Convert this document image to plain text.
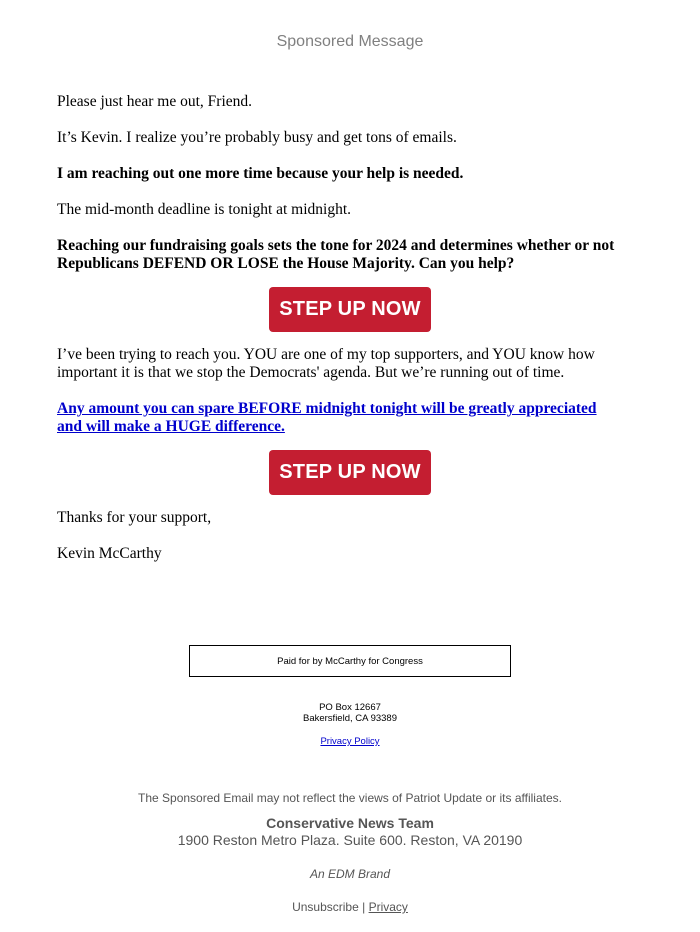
Sponsored Message
Please just hear me out, Friend.
It’s Kevin. I realize you’re probably busy and get tons of emails.
I am reaching out one more time because your help is needed.
The mid-month deadline is tonight at midnight.
Reaching our fundraising goals sets the tone for 2024 and determines whether or not
Republicans DEFEND OR LOSE the House Majority. Can you help?
STEP UP NOW
I’ve been trying to reach you. YOU are one of my top supporters, and YOU know how
important it is that we stop the Democrats' agenda. But we’re running out of time.
Any amount you can spare BEFORE midnight tonight will be greatly appreciated
and will make a HUGE difference.
STEP UP NOW
Thanks for your support,
Kevin McCarthy
Paid for by McCarthy for Congress
PO Box 12667
Bakersfield, CA 93389
Privacy Policy
The Sponsored Email may not reflect the views of Patriot Update or its affiliates.
Conservative News Team
1900 Reston Metro Plaza. Suite 600. Reston, VA 20190
An EDM Brand
Unsubscribe | Privacy
